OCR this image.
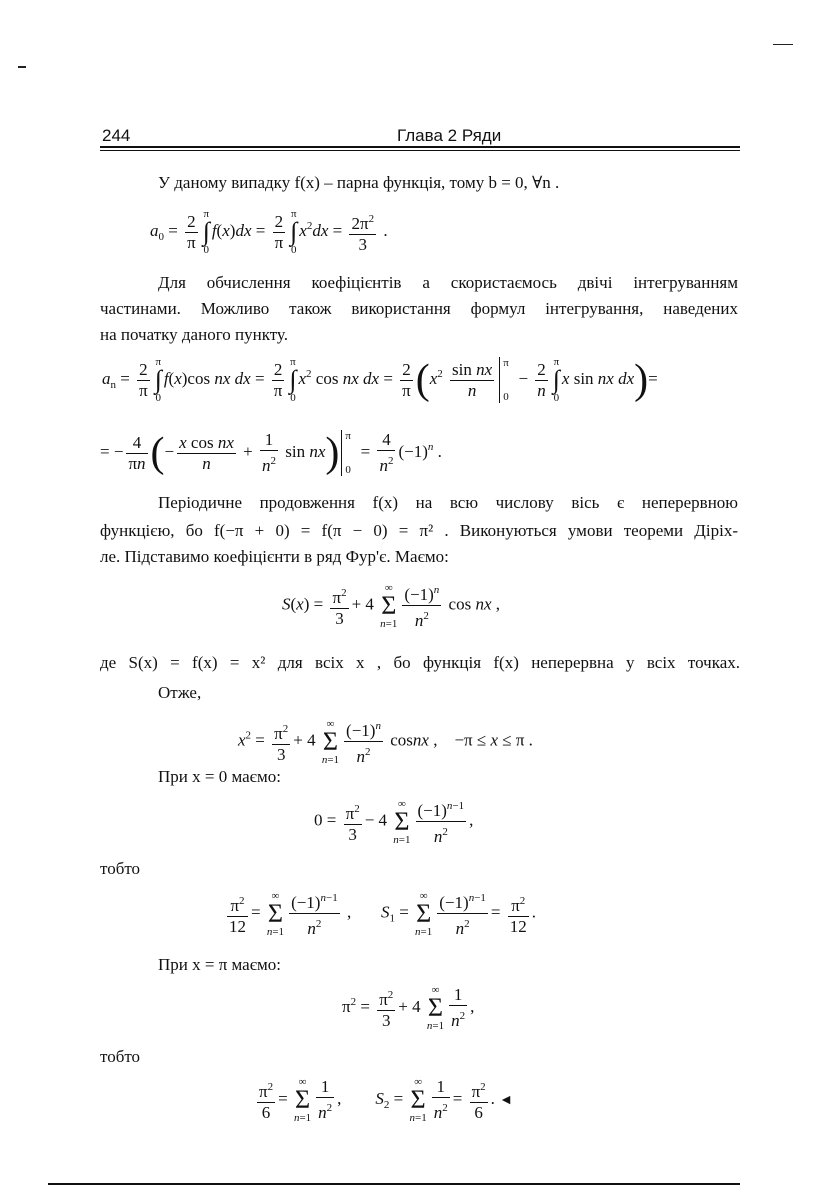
244	Глава 2 Ряди
У даному випадку f(x) – парна функція, тому b = 0, ∀n .
$a_0 = \frac{2}{\pi}$ π
∫
0
$f(x)dx = \frac{2}{\pi}$ π
∫
0
$x^2dx = \frac{2\pi^2}{3}$ .
Для обчислення коефіцієнтів a скористаємось двічі інтегруванням
частинами. Можливо також використання формул інтегрування, наведених
на початку даного пункту.
$a_n = \frac{2}{\pi}$ π
∫
0
f(x)cos nx dx = $\frac{2}{\pi}$ π
∫
0
$x^2$ cos nx dx = $\frac{2}{\pi} (x^2 \frac{\text{sin nx}}{n}$ π
0
− $\frac{2}{n}$ π
∫
0
x sin nx dx)=
= − $\frac{4}{\pi n}$ (− $\frac{\text{x cos nx}}{n} + \frac{1}{n^2}$ sin nx) π
0
= $\frac{4}{n^2} (-1)^n$ .
Періодичне продовження f(x) на всю числову вісь є неперервною
функцією, бо f(−π + 0) = f(π − 0) = π² . Виконуються умови теореми Діріх-
ле. Підставимо коефіцієнти в ряд Фур'є. Маємо:
$S(x) = \frac{\pi^2}{3} + 4$
∞
Σ
$n=1 \frac{(-1)^n}{n^2}$ cos nx ,
де S(x) = f(x) = x² для всіх x , бо функція f(x) неперервна у всіх точках.
Отже,
$x^2 = \frac{\pi^2}{3} + 4$
∞
Σ
$n=1 \frac{(-1)^n}{n^2}$ cosnx ,    −π ≤ x ≤ π .
При x = 0 маємо:
$0 = \frac{\pi^2}{3} - 4$
∞
Σ
$n=1 \frac{(-1)^{n-1}}{n^2}$ ,
тобто
$\frac{\pi^2}{12}$ =
∞
Σ
$n=1 \frac{(-1)^{n-1}}{n^2}$ ,       $S_1$ =
∞
Σ
$n=1 \frac{(-1)^{n-1}}{n^2} = \frac{\pi^2}{12}$ .
При x = π маємо:
$\pi^2 = \frac{\pi^2}{3} + 4$
∞
Σ
$n=1 \frac{1}{n^2}$ ,
тобто
$\frac{\pi^2}{6}$ =
∞
Σ
$n=1 \frac{1}{n^2}$ ,        $S_2$ =
∞
Σ
$n=1 \frac{1}{n^2} = \frac{\pi^2}{6}$ . ◄
